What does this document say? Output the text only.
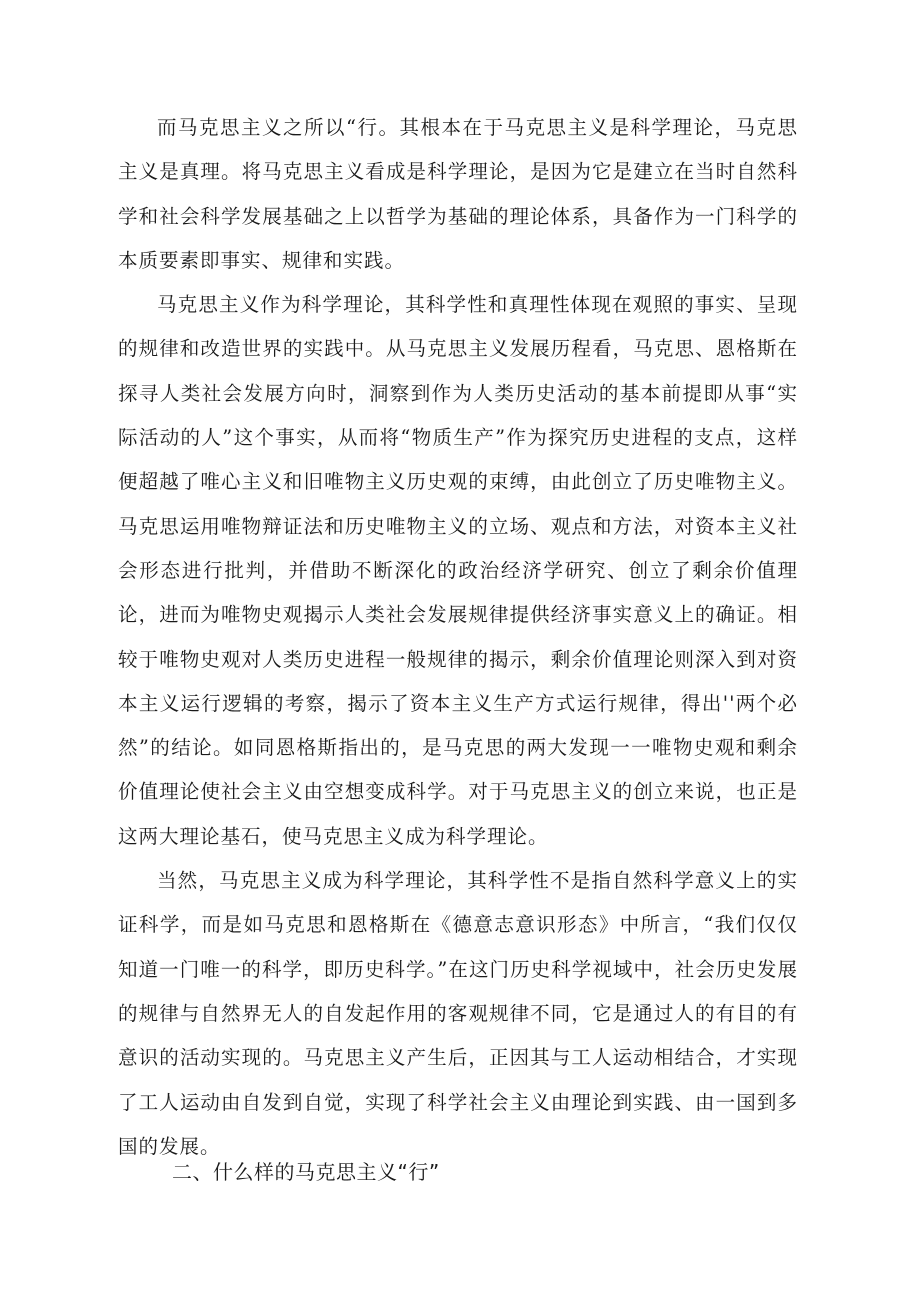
而马克思主义之所以“行。其根本在于马克思主义是科学理论，马克思主义是真理。将马克思主义看成是科学理论，是因为它是建立在当时自然科学和社会科学发展基础之上以哲学为基础的理论体系，具备作为一门科学的本质要素即事实、规律和实践。

马克思主义作为科学理论，其科学性和真理性体现在观照的事实、呈现的规律和改造世界的实践中。从马克思主义发展历程看，马克思、恩格斯在探寻人类社会发展方向时，洞察到作为人类历史活动的基本前提即从事“实际活动的人”这个事实，从而将“物质生产”作为探究历史进程的支点，这样便超越了唯心主义和旧唯物主义历史观的束缚，由此创立了历史唯物主义。马克思运用唯物辩证法和历史唯物主义的立场、观点和方法，对资本主义社会形态进行批判，并借助不断深化的政治经济学研究、创立了剩余价值理论，进而为唯物史观揭示人类社会发展规律提供经济事实意义上的确证。相较于唯物史观对人类历史进程一般规律的揭示，剩余价值理论则深入到对资本主义运行逻辑的考察，揭示了资本主义生产方式运行规律，得出''两个必然”的结论。如同恩格斯指出的，是马克思的两大发现一一唯物史观和剩余价值理论使社会主义由空想变成科学。对于马克思主义的创立来说，也正是这两大理论基石，使马克思主义成为科学理论。

当然，马克思主义成为科学理论，其科学性不是指自然科学意义上的实证科学，而是如马克思和恩格斯在《德意志意识形态》中所言，“我们仅仅知道一门唯一的科学，即历史科学。”在这门历史科学视域中，社会历史发展的规律与自然界无人的自发起作用的客观规律不同，它是通过人的有目的有意识的活动实现的。马克思主义产生后，正因其与工人运动相结合，才实现了工人运动由自发到自觉，实现了科学社会主义由理论到实践、由一国到多国的发展。

二、什么样的马克思主义“行”
